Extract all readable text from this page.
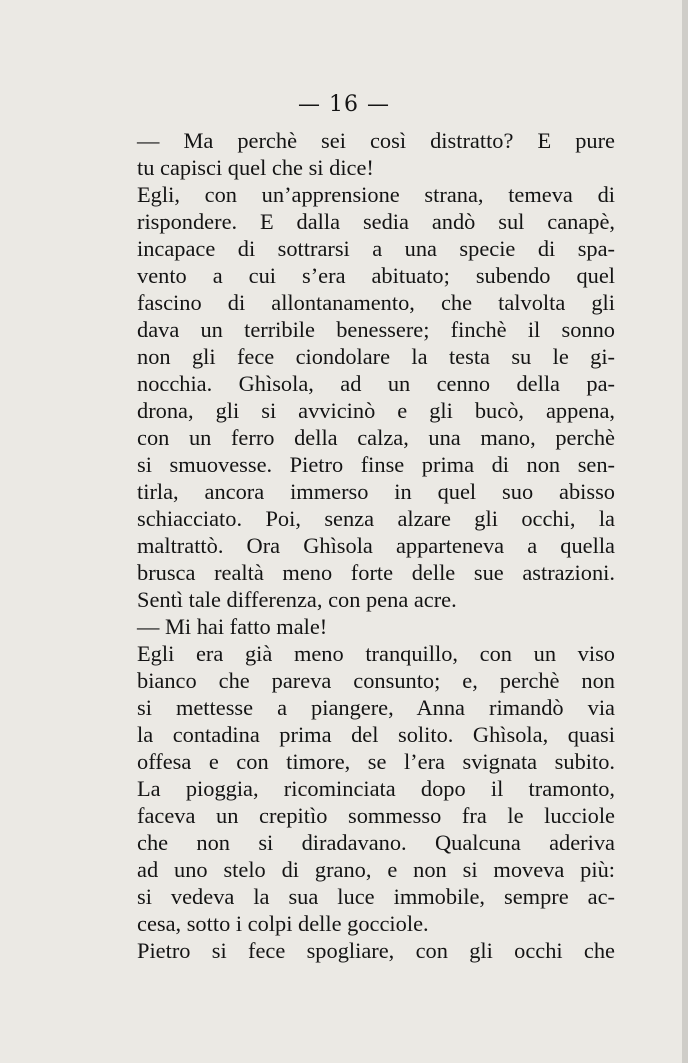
— 16 —
— Ma perchè sei così distratto? E pure
tu capisci quel che si dice!
Egli, con un’apprensione strana, temeva di
rispondere. E dalla sedia andò sul canapè,
incapace di sottrarsi a una specie di spa-
vento a cui s’era abituato; subendo quel
fascino di allontanamento, che talvolta gli
dava un terribile benessere; finchè il sonno
non gli fece ciondolare la testa su le gi-
nocchia. Ghìsola, ad un cenno della pa-
drona, gli si avvicinò e gli bucò, appena,
con un ferro della calza, una mano, perchè
si smuovesse. Pietro finse prima di non sen-
tirla, ancora immerso in quel suo abisso
schiacciato. Poi, senza alzare gli occhi, la
maltrattò. Ora Ghìsola apparteneva a quella
brusca realtà meno forte delle sue astrazioni.
Sentì tale differenza, con pena acre.
— Mi hai fatto male!
Egli era già meno tranquillo, con un viso
bianco che pareva consunto; e, perchè non
si mettesse a piangere, Anna rimandò via
la contadina prima del solito. Ghìsola, quasi
offesa e con timore, se l’era svignata subito.
La pioggia, ricominciata dopo il tramonto,
faceva un crepitìo sommesso fra le lucciole
che non si diradavano. Qualcuna aderiva
ad uno stelo di grano, e non si moveva più:
si vedeva la sua luce immobile, sempre ac-
cesa, sotto i colpi delle gocciole.
Pietro si fece spogliare, con gli occhi che
